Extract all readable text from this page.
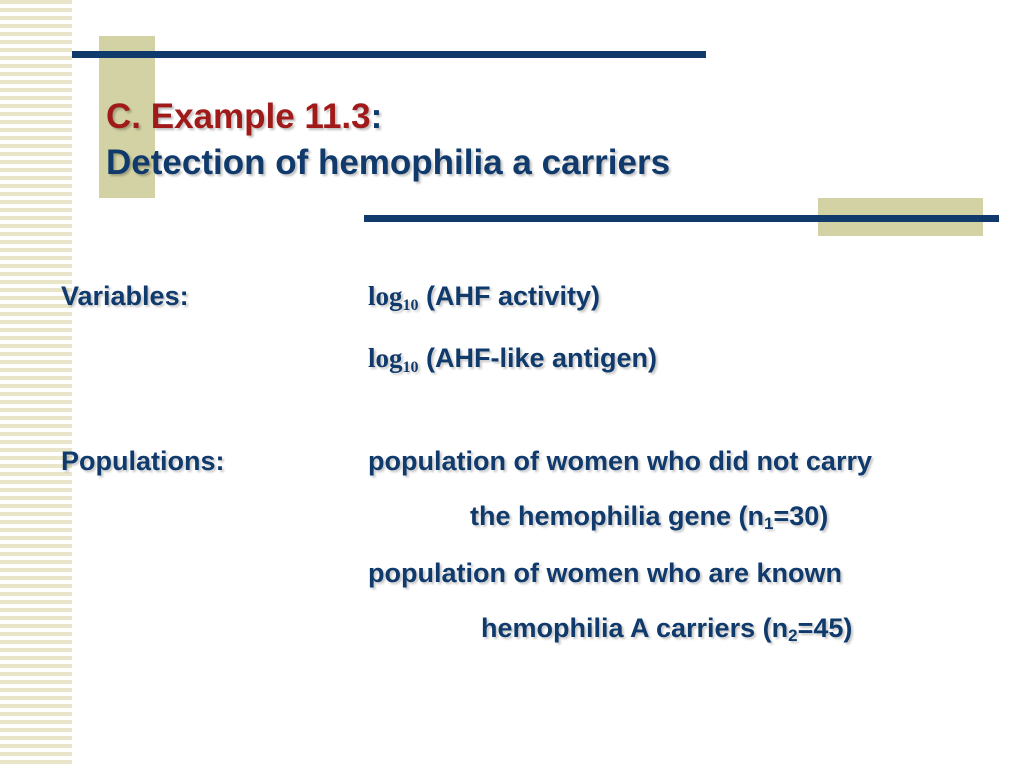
C. Example 11.3:
Detection of hemophilia a carriers

Variables:	$\log_{10} (AHF$ activity)

$\log_{10}$ (AHF-like antigen)

Populations:	population of women who did not carry

the hemophilia gene $(n_1=30)$

population of women who are known

hemophilia A carriers $(n_2=45)$
